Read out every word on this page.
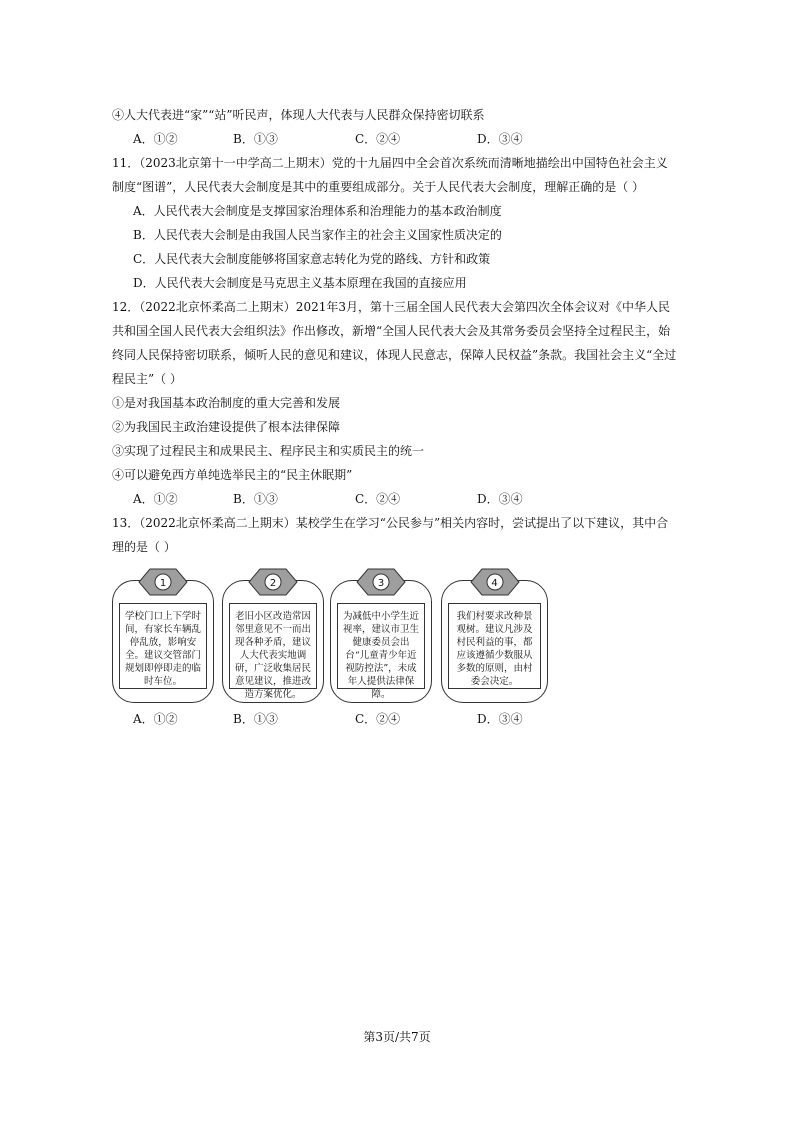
④人大代表进“家”“站”听民声，体现人大代表与人民群众保持密切联系
A．①②	B．①③	C．②④	D．③④
11．（2023北京第十一中学高二上期末）党的十九届四中全会首次系统而清晰地描绘出中国特色社会主义
制度“图谱”，人民代表大会制度是其中的重要组成部分。关于人民代表大会制度，理解正确的是（ ）
A．人民代表大会制度是支撑国家治理体系和治理能力的基本政治制度
B．人民代表大会制是由我国人民当家作主的社会主义国家性质决定的
C．人民代表大会制度能够将国家意志转化为党的路线、方针和政策
D．人民代表大会制度是马克思主义基本原理在我国的直接应用
12．（2022北京怀柔高二上期末）2021年3月，第十三届全国人民代表大会第四次全体会议对《中华人民
共和国全国人民代表大会组织法》作出修改，新增“全国人民代表大会及其常务委员会坚持全过程民主，始
终同人民保持密切联系，倾听人民的意见和建议，体现人民意志，保障人民权益”条款。我国社会主义“全过
程民主”（ ）
①是对我国基本政治制度的重大完善和发展
②为我国民主政治建设提供了根本法律保障
③实现了过程民主和成果民主、程序民主和实质民主的统一
④可以避免西方单纯选举民主的“民主休眠期”
A．①②	B．①③	C．②④	D．③④
13．（2022北京怀柔高二上期末）某校学生在学习“公民参与”相关内容时，尝试提出了以下建议，其中合
理的是（ ）
1
学校门口上下学时间，有家长车辆乱停乱放，影响安全。建议交管部门规划即停即走的临时车位。
2
老旧小区改造常因邻里意见不一而出现各种矛盾，建议人大代表实地调研，广泛收集居民意见建议，推进改造方案优化。
3
为减低中小学生近视率，建议市卫生健康委员会出台“儿童青少年近视防控法”，未成年人提供法律保障。
4
我们村要求改种景观树。建议凡涉及村民利益的事，都应该遵循少数服从多数的原则，由村委会决定。
A．①②	B．①③	C．②④	D．③④
第3页/共7页
